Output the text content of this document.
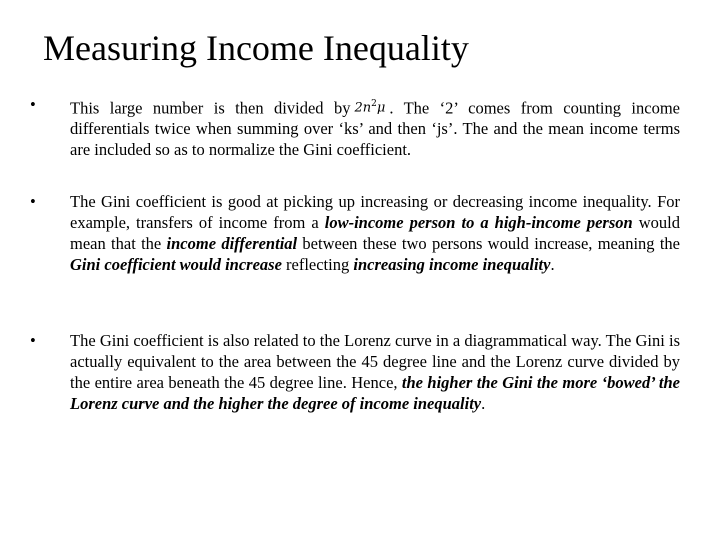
Measuring Income Inequality
•	This large number is then divided by $2n^2\mu$ . The ‘2’ comes from counting income differentials twice when summing over ‘ks’ and then ‘js’. The and the mean income terms are included so as to normalize the Gini coefficient.
•	The Gini coefficient is good at picking up increasing or decreasing income inequality. For example, transfers of income from a low-income person to a high-income person would mean that the income differential between these two persons would increase, meaning the Gini coefficient would increase reflecting increasing income inequality.
•	The Gini coefficient is also related to the Lorenz curve in a diagrammatical way. The Gini is actually equivalent to the area between the 45 degree line and the Lorenz curve divided by the entire area beneath the 45 degree line. Hence, the higher the Gini the more ‘bowed’ the Lorenz curve and the higher the degree of income inequality.
